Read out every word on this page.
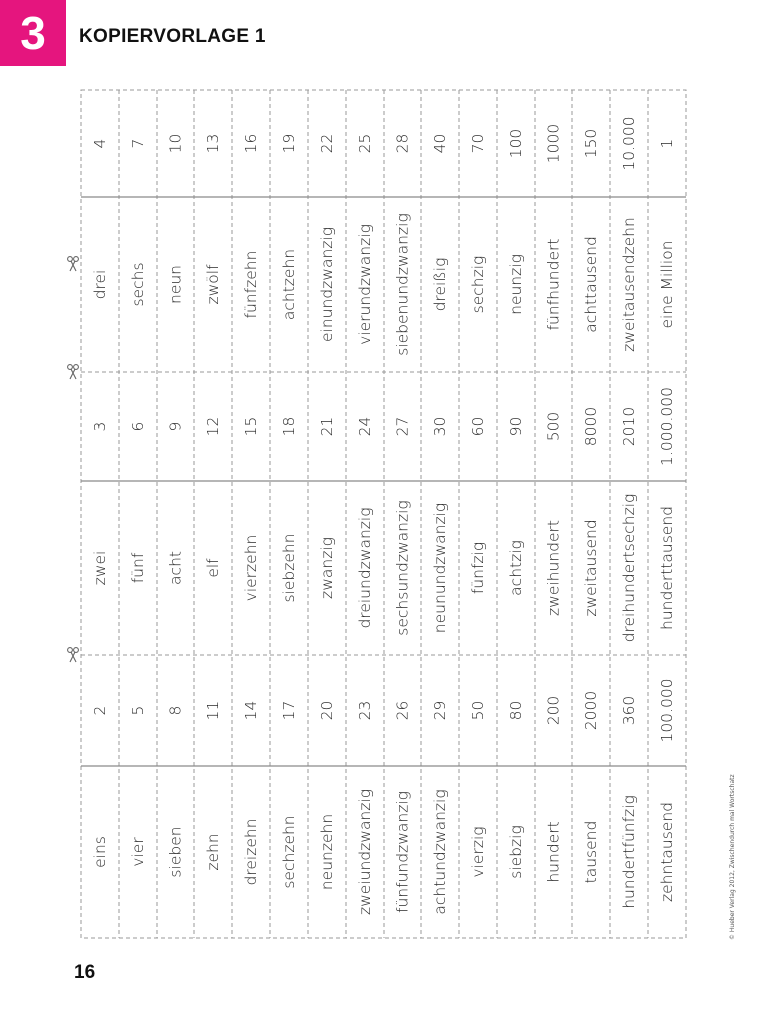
3	KOPIERVORLAGE 1
16
© Hueber Verlag 2012, Zwischendurch mal Wortschatz
eins
2
zwei
3
drei
4
vier
5
fünf
6
sechs
7
sieben
8
acht
9
neun
10
zehn
11
elf
12
zwölf
13
dreizehn
14
vierzehn
15
fünfzehn
16
sechzehn
17
siebzehn
18
achtzehn
19
neunzehn
20
zwanzig
21
einundzwanzig
22
zweiundzwanzig
23
dreiundzwanzig
24
vierundzwanzig
25
fünfundzwanzig
26
sechsundzwanzig
27
siebenundzwanzig
28
achtundzwanzig
29
neunundzwanzig
30
dreißig
40
vierzig
50
fünfzig
60
sechzig
70
siebzig
80
achtzig
90
neunzig
100
hundert
200
zweihundert
500
fünfhundert
1000
tausend
2000
zweitausend
8000
achttausend
150
hundertfünfzig
360
dreihundertsechzig
2010
zweitausendzehn
10.000
zehntausend
100.000
hunderttausend
1.000.000
eine Million
1
